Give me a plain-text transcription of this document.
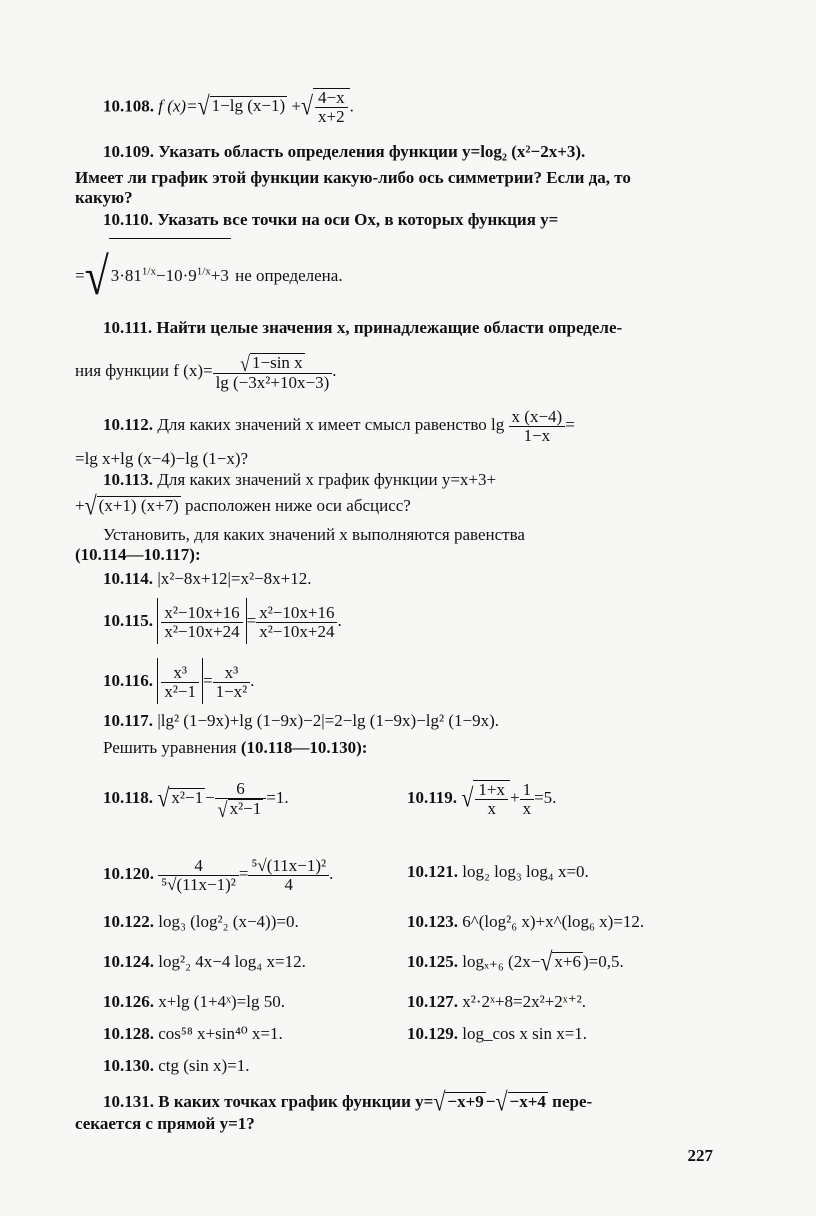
10.108. f (x)=√ 1−lg (x−1) +√ $\frac{4-x}{x+2}$ .
10.109. Указать область определения функции y=log₂ (x²−2x+3).
Имеет ли график этой функции какую-либо ось симметрии? Если да, то
какую?
10.110. Указать все точки на оси Ox, в которых функция y=
=√ $3\cdot 81^{1/x}-10\cdot 9^{1/x}+3$ не определена.
10.111. Найти целые значения x, принадлежащие области определе-
ния функции f $(x)= \frac{\text{√ 1−sin x}}{\text{lg (−3x²+10x−3)}}$ .
10.112. Для каких значений x имеет смысл равенство $\lg \frac{x (x-4)}{1-x}$ =
=lg x+lg (x−4)−lg (1−x)?
10.113. Для каких значений x график функции y=x+3+
+√ (x+1) (x+7) расположен ниже оси абсцисс?
Установить, для каких значений x выполняются равенства
(10.114—10.117):
10.114. |x²−8x+12|=x²−8x+12.
10.115. $\frac{\text{x²−10x+16}}{\text{x²−10x+24}} = \frac{\text{x²−10x+16}}{\text{x²−10x+24}}$ .
10.116. $\frac{\text{x³}}{\text{x²−1}} = \frac{\text{x³}}{\text{1−x²}}$ .
10.117. |lg² (1−9x)+lg (1−9x)−2|=2−lg (1−9x)−lg² (1−9x).
Решить уравнения (10.118—10.130):
10.118. √ $x^2-1 - \frac{6}{\text{√ x²−1}} =1$.	10.119. √ $\frac{1+x}{x} + \frac{1}{x} =5$.
10.120. $\frac{4}{\text{⁵√(11x−1)²}} = \frac{\text{⁵√(11x−1)²}}{4}$ .	10.121. log₂ log₃ log₄ x=0.
10.122. log₃ (log²₂ (x−4))=0.	10.123. 6^(log²₆ x)+x^(log₆ x)=12.
10.124. log²₂ 4x−4 log₄ x=12.	10.125. logₓ₊₆ (2x−√ x+6 )=0,5.
10.126. x+lg (1+4ˣ)=lg 50.	10.127. x²·2ˣ+8=2x²+2ˣ⁺².
10.128. cos⁵⁸ x+sin⁴⁰ x=1.	10.129. log_cos x sin x=1.
10.130. ctg (sin x)=1.
10.131. В каких точках график функции y=√ −x+9 −√ −x+4 пере-
секается с прямой y=1?
227
